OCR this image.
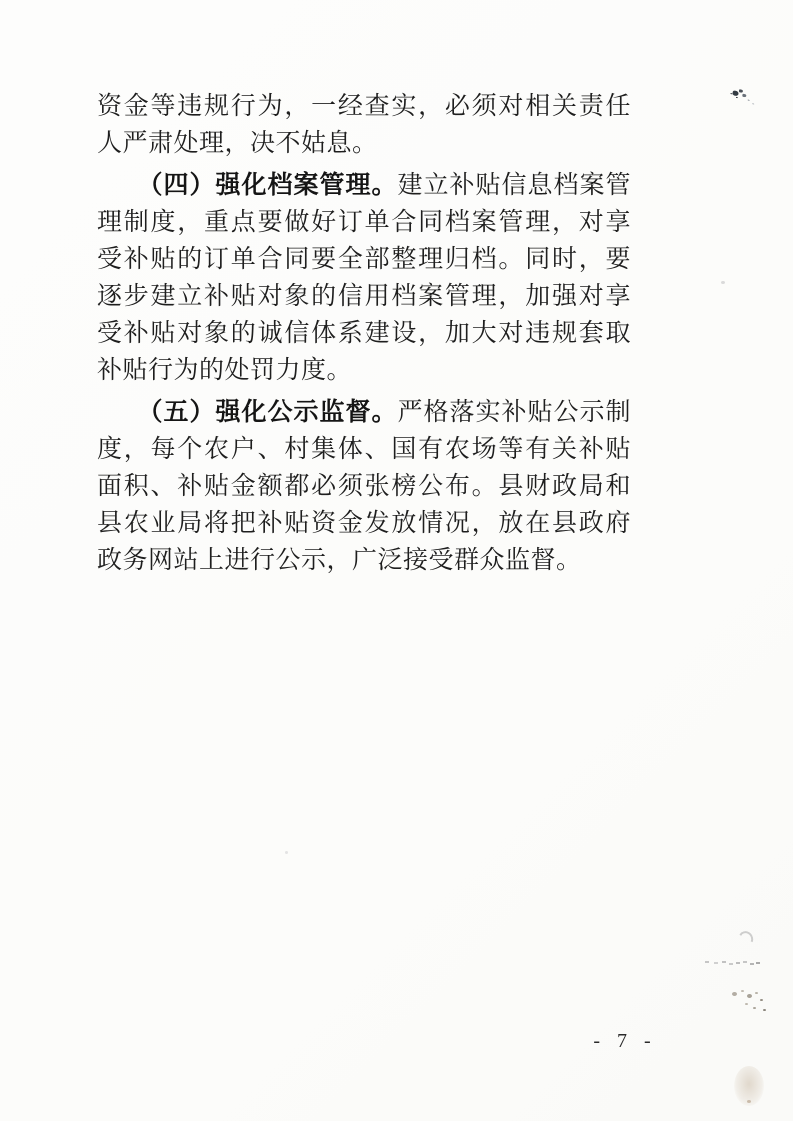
资金等违规行为，一经查实，必须对相关责任人严肃处理，决不姑息。

（四）强化档案管理。建立补贴信息档案管理制度，重点要做好订单合同档案管理，对享受补贴的订单合同要全部整理归档。同时，要逐步建立补贴对象的信用档案管理，加强对享受补贴对象的诚信体系建设，加大对违规套取补贴行为的处罚力度。

（五）强化公示监督。严格落实补贴公示制度，每个农户、村集体、国有农场等有关补贴面积、补贴金额都必须张榜公布。县财政局和县农业局将把补贴资金发放情况，放在县政府政务网站上进行公示，广泛接受群众监督。

- 7 -
